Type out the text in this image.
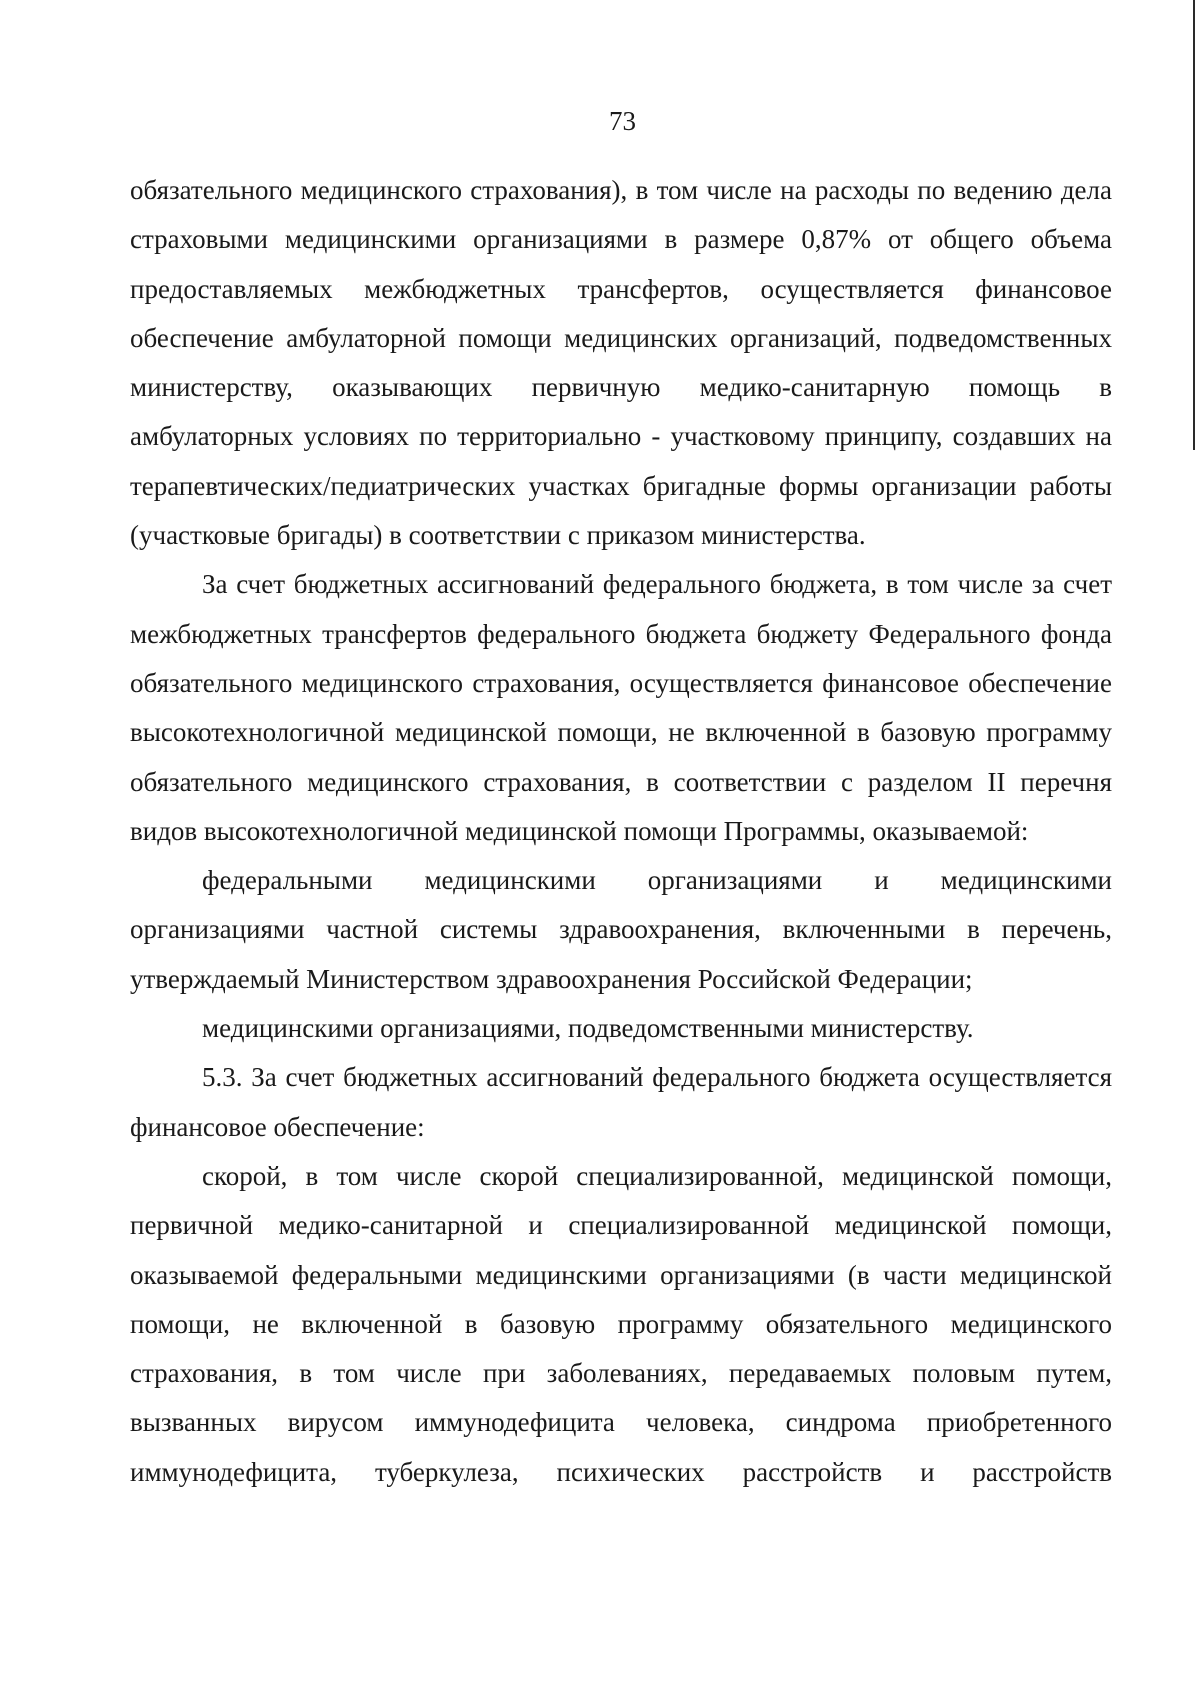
73

обязательного медицинского страхования), в том числе на расходы по ведению дела страховыми медицинскими организациями в размере 0,87% от общего объема предоставляемых межбюджетных трансфертов, осуществляется финансовое обеспечение амбулаторной помощи медицинских организаций, подведомственных министерству, оказывающих первичную медико-санитарную помощь в амбулаторных условиях по территориально - участковому принципу, создавших на терапевтических/педиатрических участках бригадные формы организации работы (участковые бригады) в соответствии с приказом министерства.

За счет бюджетных ассигнований федерального бюджета, в том числе за счет межбюджетных трансфертов федерального бюджета бюджету Федерального фонда обязательного медицинского страхования, осуществляется финансовое обеспечение высокотехнологичной медицинской помощи, не включенной в базовую программу обязательного медицинского страхования, в соответствии с разделом II перечня видов высокотехнологичной медицинской помощи Программы, оказываемой:

федеральными медицинскими организациями и медицинскими организациями частной системы здравоохранения, включенными в перечень, утверждаемый Министерством здравоохранения Российской Федерации;

медицинскими организациями, подведомственными министерству.

5.3. За счет бюджетных ассигнований федерального бюджета осуществляется финансовое обеспечение:

скорой, в том числе скорой специализированной, медицинской помощи, первичной медико-санитарной и специализированной медицинской помощи, оказываемой федеральными медицинскими организациями (в части медицинской помощи, не включенной в базовую программу обязательного медицинского страхования, в том числе при заболеваниях, передаваемых половым путем, вызванных вирусом иммунодефицита человека, синдрома приобретенного иммунодефицита, туберкулеза, психических расстройств и расстройств
